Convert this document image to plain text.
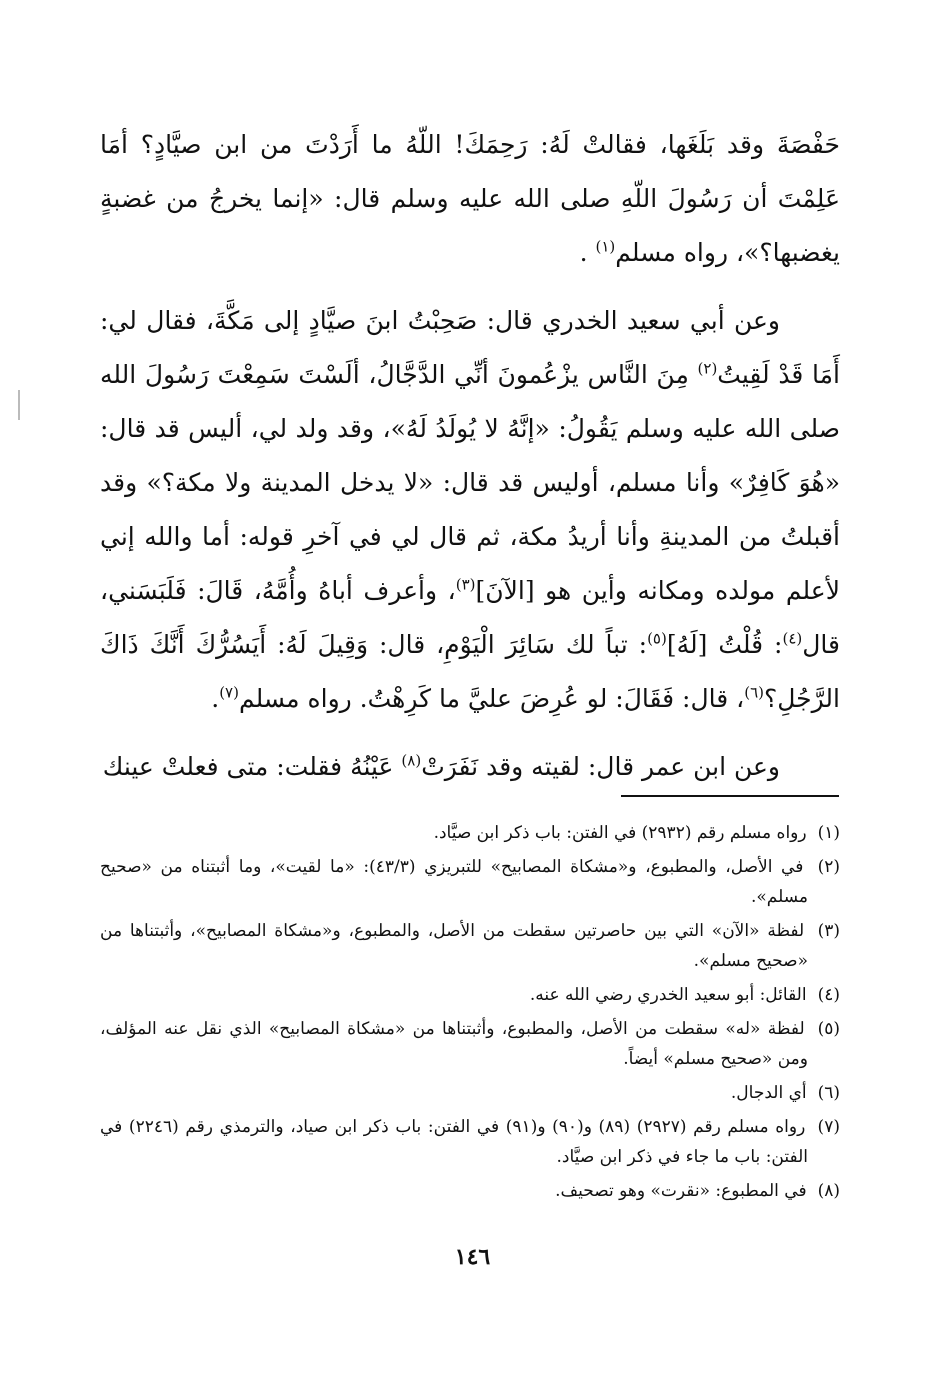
حَفْصَةَ وقد بَلَغَها، فقالتْ لَهُ: رَحِمَكَ! اللّهُ ما أَرَدْتَ من ابن صيَّادٍ؟ أمَا عَلِمْتَ أن رَسُولَ اللّهِ صلى الله عليه وسلم قال: «إنما يخرجُ من غضبةٍ يغضبها؟»، رواه مسلم$^{(١)}$ .

وعن أبي سعيد الخدري قال: صَحِبْتُ ابنَ صيَّادٍ إلى مَكَّةَ، فقال لي: أَمَا قَدْ لَقِيتُ$^{(٢)}$ مِنَ النَّاس يزْعُمونَ أنِّي الدَّجَّالُ، ألَسْتَ سَمِعْتَ رَسُولَ الله صلى الله عليه وسلم يَقُولُ: «إنَّهُ لا يُولَدُ لَهُ»، وقد ولد لي، أليس قد قال: «هُوَ كَافِرٌ» وأنا مسلم، أوليس قد قال: «لا يدخل المدينة ولا مكة؟» وقد أقبلتُ من المدينةِ وأنا أريدُ مكة، ثم قال لي في آخرِ قوله: أما والله إني لأعلم مولده ومكانه وأين هو [الآنَ]$^{(٣)}$، وأعرف أباهُ وأُمَّهُ، قَالَ: فَلَبَسَني، قال$^{(٤)}$: قُلْتُ [لَهُ]$^{(٥)}$: تباً لك سَائِرَ الْيَوْمِ، قال: وَقِيلَ لَهُ: أَيَسُرُّكَ أَنَّكَ ذَاكَ الرَّجُلِ؟$^{(٦)}$، قال: فَقَالَ: لو عُرِضَ عليَّ ما كَرِهْتُ. رواه مسلم$^{(٧)}$.

وعن ابن عمر قال: لقيته وقد نَفَرَتْ$^{(٨)}$ عَيْنُهُ فقلت: متى فعلتْ عينك

(١) رواه مسلم رقم (٢٩٣٢) في الفتن: باب ذكر ابن صيَّاد.

(٢) في الأصل، والمطبوع، و«مشكاة المصابيح» للتبريزي (٤٣/٣): «ما لقيت»، وما أثبتناه من «صحيح مسلم».

(٣) لفظة «الآن» التي بين حاصرتين سقطت من الأصل، والمطبوع، و«مشكاة المصابيح»، وأثبتناها من «صحيح مسلم».

(٤) القائل: أبو سعيد الخدري رضي الله عنه.

(٥) لفظة «له» سقطت من الأصل، والمطبوع، وأثبتناها من «مشكاة المصابيح» الذي نقل عنه المؤلف، ومن «صحيح مسلم» أيضاً.

(٦) أي الدجال.

(٧) رواه مسلم رقم (٢٩٢٧) (٨٩) و(٩٠) و(٩١) في الفتن: باب ذكر ابن صياد، والترمذي رقم (٢٢٤٦) في الفتن: باب ما جاء في ذكر ابن صيَّاد.

(٨) في المطبوع: «نقرت» وهو تصحيف.

١٤٦
